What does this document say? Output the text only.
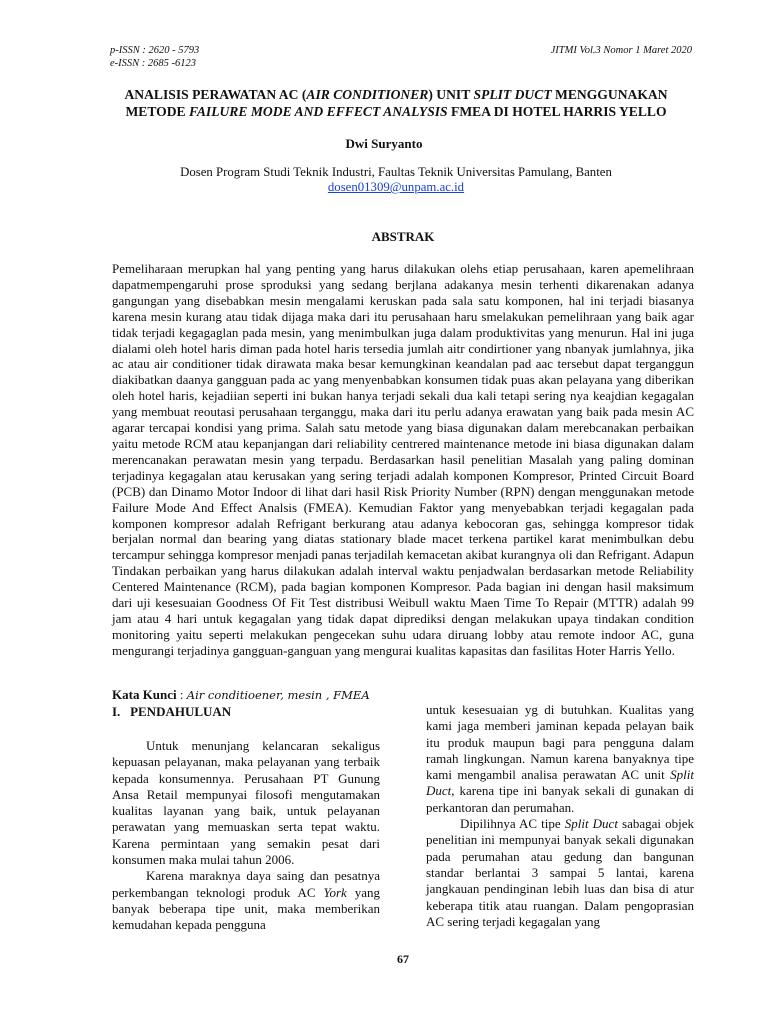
p-ISSN : 2620 - 5793
e-ISSN : 2685 -6123
JITMI Vol.3 Nomor 1 Maret 2020
ANALISIS PERAWATAN AC (AIR CONDITIONER) UNIT SPLIT DUCT MENGGUNAKAN
METODE FAILURE MODE AND EFFECT ANALYSIS FMEA DI HOTEL HARRIS YELLO
Dwi Suryanto
Dosen Program Studi Teknik Industri, Faultas Teknik Universitas Pamulang, Banten
dosen01309@unpam.ac.id
ABSTRAK

Pemeliharaan merupkan hal yang penting yang harus dilakukan olehs etiap perusahaan, karen apemelihraan dapatmempengaruhi prose sproduksi yang sedang berjlana adakanya mesin terhenti dikarenakan adanya gangungan yang disebabkan mesin mengalami keruskan pada sala satu komponen, hal ini terjadi biasanya karena mesin kurang atau tidak dijaga maka dari itu perusahaan haru smelakukan pemelihraan yang baik agar tidak terjadi kegagaglan pada mesin, yang menimbulkan juga dalam produktivitas yang menurun. Hal ini juga dialami oleh hotel haris diman pada hotel haris tersedia jumlah aitr condirtioner yang nbanyak jumlahnya, jika ac atau air conditioner tidak dirawata maka besar kemungkinan keandalan pad aac tersebut dapat terganggun diakibatkan daanya gangguan pada ac yang menyenbabkan konsumen tidak puas akan pelayana yang diberikan oleh hotel haris, kejadiian seperti ini bukan hanya terjadi sekali dua kali tetapi sering nya keajdian kegagalan yang membuat reoutasi perusahaan terganggu, maka dari itu perlu adanya erawatan yang baik pada mesin AC agarar tercapai kondisi yang prima. Salah satu metode yang biasa digunakan dalam merebcanakan perbaikan yaitu metode RCM atau kepanjangan dari reliability centrered maintenance metode ini biasa digunakan dalam merencanakan perawatan mesin yang terpadu. Berdasarkan hasil penelitian Masalah yang paling dominan terjadinya kegagalan atau kerusakan yang sering terjadi adalah komponen Kompresor, Printed Circuit Board (PCB) dan Dinamo Motor Indoor di lihat dari hasil Risk Priority Number (RPN) dengan menggunakan metode Failure Mode And Effect Analsis (FMEA). Kemudian Faktor yang menyebabkan terjadi kegagalan pada komponen kompresor adalah Refrigant berkurang atau adanya kebocoran gas, sehingga kompresor tidak berjalan normal dan bearing yang diatas stationary blade macet terkena partikel karat menimbulkan debu tercampur sehingga kompresor menjadi panas terjadilah kemacetan akibat kurangnya oli dan Refrigant. Adapun Tindakan perbaikan yang harus dilakukan adalah interval waktu penjadwalan berdasarkan metode Reliability Centered Maintenance (RCM), pada bagian komponen Kompresor. Pada bagian ini dengan hasil maksimum dari uji kesesuaian Goodness Of Fit Test distribusi Weibull waktu Maen Time To Repair (MTTR) adalah 99 jam atau 4 hari untuk kegagalan yang tidak dapat diprediksi dengan melakukan upaya tindakan condition monitoring yaitu seperti melakukan pengecekan suhu udara diruang lobby atau remote indoor AC, guna mengurangi terjadinya gangguan-ganguan yang mengurai kualitas kapasitas dan fasilitas Hoter Harris Yello.

Kata Kunci : Air conditioener, mesin , FMEA
I. PENDAHULUAN

Untuk menunjang kelancaran sekaligus kepuasan pelayanan, maka pelayanan yang terbaik kepada konsumennya. Perusahaan PT Gunung Ansa Retail mempunyai filosofi mengutamakan kualitas layanan yang baik, untuk pelayanan perawatan yang memuaskan serta tepat waktu. Karena permintaan yang semakin pesat dari konsumen maka mulai tahun 2006.

Karena maraknya daya saing dan pesatnya perkembangan teknologi produk AC York yang banyak beberapa tipe unit, maka memberikan kemudahan kepada pengguna

untuk kesesuaian yg di butuhkan. Kualitas yang kami jaga memberi jaminan kepada pelayan baik itu produk maupun bagi para pengguna dalam ramah lingkungan. Namun karena banyaknya tipe kami mengambil analisa perawatan AC unit Split Duct, karena tipe ini banyak sekali di gunakan di perkantoran dan perumahan.

Dipilihnya AC tipe Split Duct sabagai objek penelitian ini mempunyai banyak sekali digunakan pada perumahan atau gedung dan bangunan standar berlantai 3 sampai 5 lantai, karena jangkauan pendinginan lebih luas dan bisa di atur keberapa titik atau ruangan. Dalam pengoprasian AC sering terjadi kegagalan yang

67
